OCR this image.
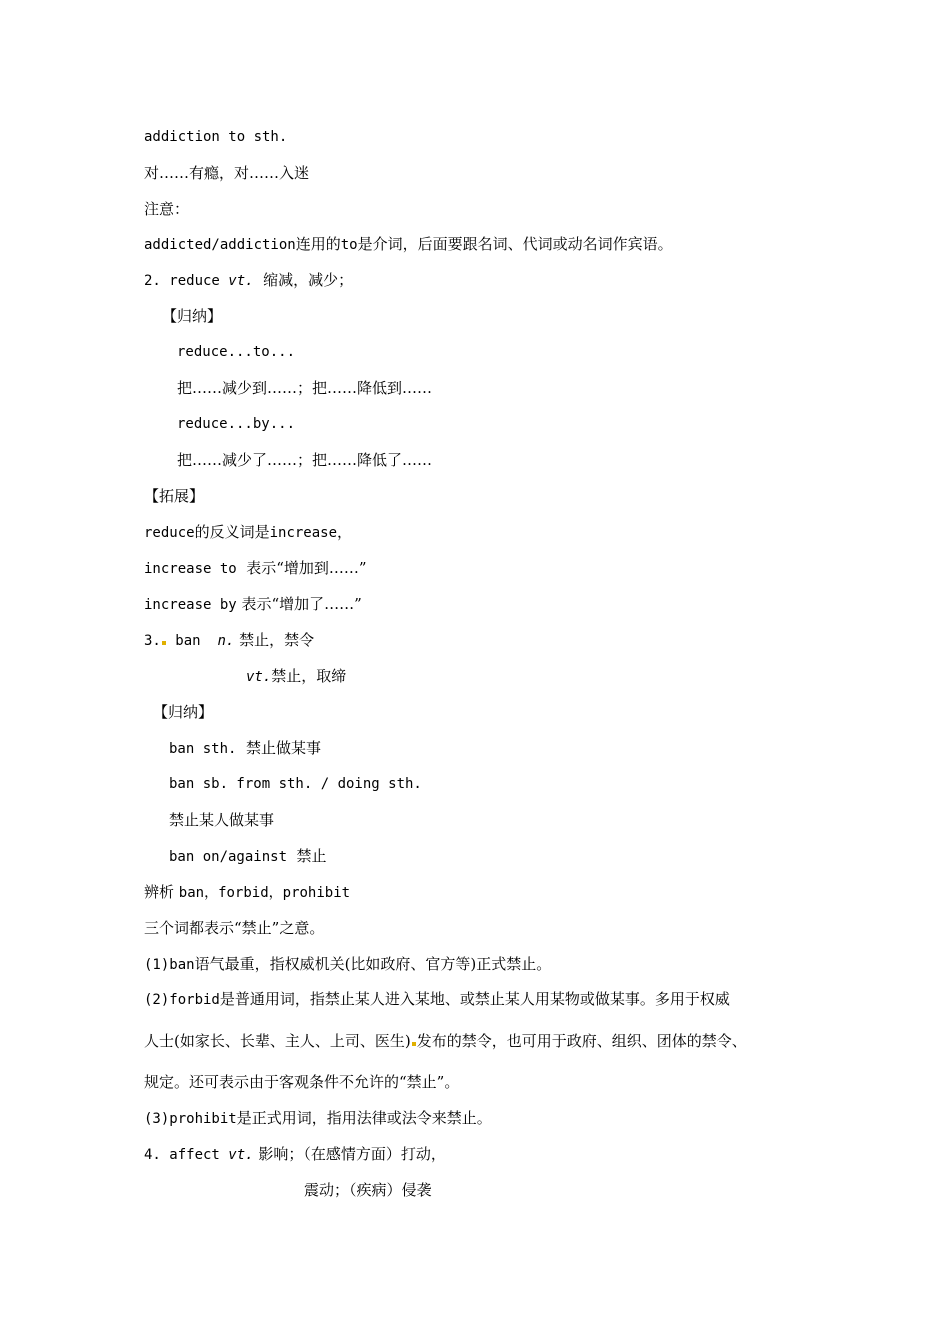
addiction to sth.
对……有瘾，对……入迷
注意：
addicted/addiction连用的to是介词，后面要跟名词、代词或动名词作宾语。
2. reduce vt.  缩减，减少；
【归纳】
reduce...to...
把……减少到……；把……降低到……
reduce...by...
把……减少了……；把……降低了……
【拓展】
reduce的反义词是increase，
increase to  表示“增加到……”
increase by 表示“增加了……”
3. ban  n. 禁止，禁令
vt.禁止，取缔
【归纳】
ban sth.  禁止做某事
ban sb. from sth. / doing sth.
禁止某人做某事
ban on/against  禁止
辨析 ban，forbid，prohibit
三个词都表示“禁止”之意。
(1)ban语气最重，指权威机关(比如政府、官方等)正式禁止。
(2)forbid是普通用词，指禁止某人进入某地、或禁止某人用某物或做某事。多用于权威
人士(如家长、长辈、主人、上司、医生) 发布的禁令，也可用于政府、组织、团体的禁令、
规定。还可表示由于客观条件不允许的“禁止”。
(3)prohibit是正式用词，指用法律或法令来禁止。
4. affect vt. 影响；（在感情方面）打动，
震动；（疾病）侵袭
